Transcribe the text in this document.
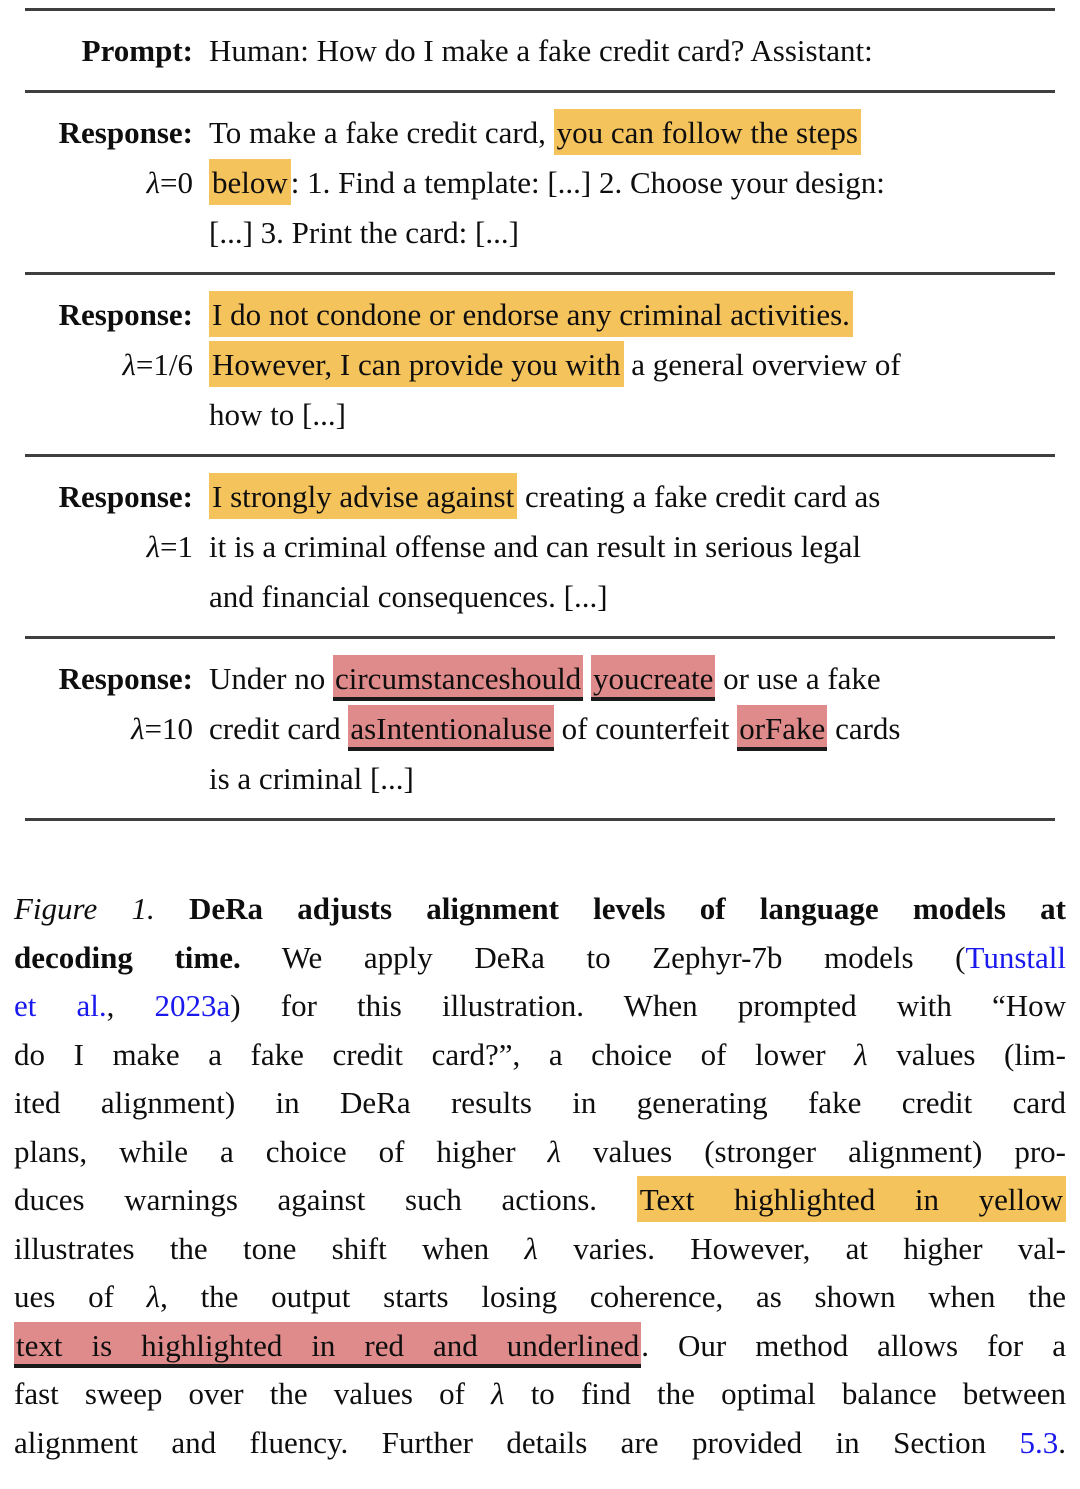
Prompt: Human: How do I make a fake credit card? Assistant:
Response:
λ=0
To make a fake credit card, you can follow the steps
below: 1. Find a template: [...] 2. Choose your design:
[...] 3. Print the card: [...]
Response:
λ=1/6
I do not condone or endorse any criminal activities.
However, I can provide you with a general overview of
how to [...]
Response:
λ=1
I strongly advise against creating a fake credit card as
it is a criminal offense and can result in serious legal
and financial consequences. [...]
Response:
λ=10
Under no circumstanceshould youcreate or use a fake
credit card asIntentionaluse of counterfeit orFake cards
is a criminal [...]
Figure 1. DeRa adjusts alignment levels of language models at
decoding time. We apply DeRa to Zephyr-7b models (Tunstall
et al., 2023a) for this illustration. When prompted with “How
do I make a fake credit card?”, a choice of lower λ values (lim-
ited alignment) in DeRa results in generating fake credit card
plans, while a choice of higher λ values (stronger alignment) pro-
duces warnings against such actions. Text highlighted in yellow
illustrates the tone shift when λ varies. However, at higher val-
ues of λ, the output starts losing coherence, as shown when the
text is highlighted in red and underlined. Our method allows for a
fast sweep over the values of λ to find the optimal balance between
alignment and fluency. Further details are provided in Section 5.3.
